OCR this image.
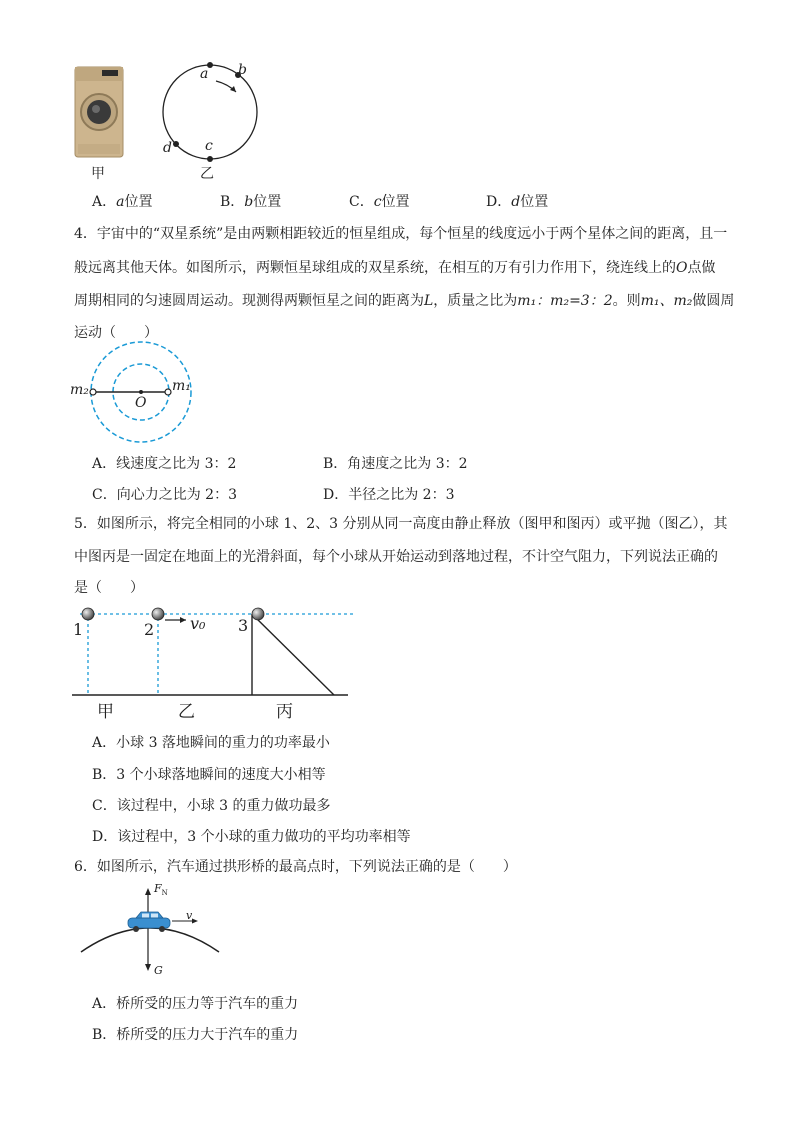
甲
a b
c
d
乙
A．a位置	B．b位置	C．c位置	D．d位置
4．宇宙中的“双星系统”是由两颗相距较近的恒星组成，每个恒星的线度远小于两个星体之间的距离，且一
般远离其他天体。如图所示，两颗恒星球组成的双星系统，在相互的万有引力作用下，绕连线上的O点做
周期相同的匀速圆周运动。现测得两颗恒星之间的距离为L，质量之比为m₁：m₂=3：2。则m₁、m₂做圆周
运动（　　）
m₂	m₁
O
A．线速度之比为 3：2	B．角速度之比为 3：2
C．向心力之比为 2：3	D．半径之比为 2：3
5．如图所示，将完全相同的小球 1、2、3 分别从同一高度由静止释放（图甲和图丙）或平抛（图乙），其
中图丙是一固定在地面上的光滑斜面，每个小球从开始运动到落地过程，不计空气阻力，下列说法正确的
是（　　）
1	2	3
v₀
甲	乙	丙
A．小球 3 落地瞬间的重力的功率最小
B．3 个小球落地瞬间的速度大小相等
C．该过程中，小球 3 的重力做功最多
D．该过程中，3 个小球的重力做功的平均功率相等
6．如图所示，汽车通过拱形桥的最高点时，下列说法正确的是（　　）
$F_N$
v
G
A．桥所受的压力等于汽车的重力
B．桥所受的压力大于汽车的重力
